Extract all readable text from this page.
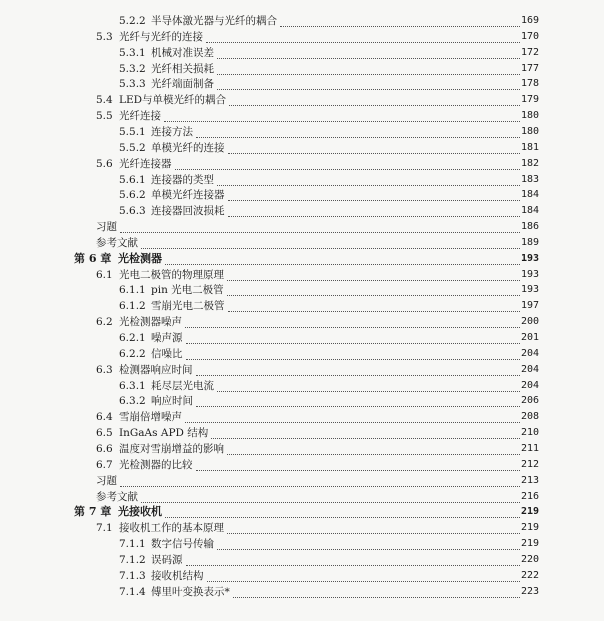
5.2.2 半导体激光器与光纤的耦合	169
5.3 光纤与光纤的连接	170
5.3.1 机械对准误差	172
5.3.2 光纤相关损耗	177
5.3.3 光纤端面制备	178
5.4 LED与单模光纤的耦合	179
5.5 光纤连接	180
5.5.1 连接方法	180
5.5.2 单模光纤的连接	181
5.6 光纤连接器	182
5.6.1 连接器的类型	183
5.6.2 单模光纤连接器	184
5.6.3 连接器回波损耗	184
习题	186
参考文献	189
第 6 章 光检测器	193
6.1 光电二极管的物理原理	193
6.1.1 pin 光电二极管	193
6.1.2 雪崩光电二极管	197
6.2 光检测器噪声	200
6.2.1 噪声源	201
6.2.2 信噪比	204
6.3 检测器响应时间	204
6.3.1 耗尽层光电流	204
6.3.2 响应时间	206
6.4 雪崩倍增噪声	208
6.5 InGaAs APD 结构	210
6.6 温度对雪崩增益的影响	211
6.7 光检测器的比较	212
习题	213
参考文献	216
第 7 章 光接收机	219
7.1 接收机工作的基本原理	219
7.1.1 数字信号传输	219
7.1.2 误码源	220
7.1.3 接收机结构	222
7.1.4 傅里叶变换表示*	223
